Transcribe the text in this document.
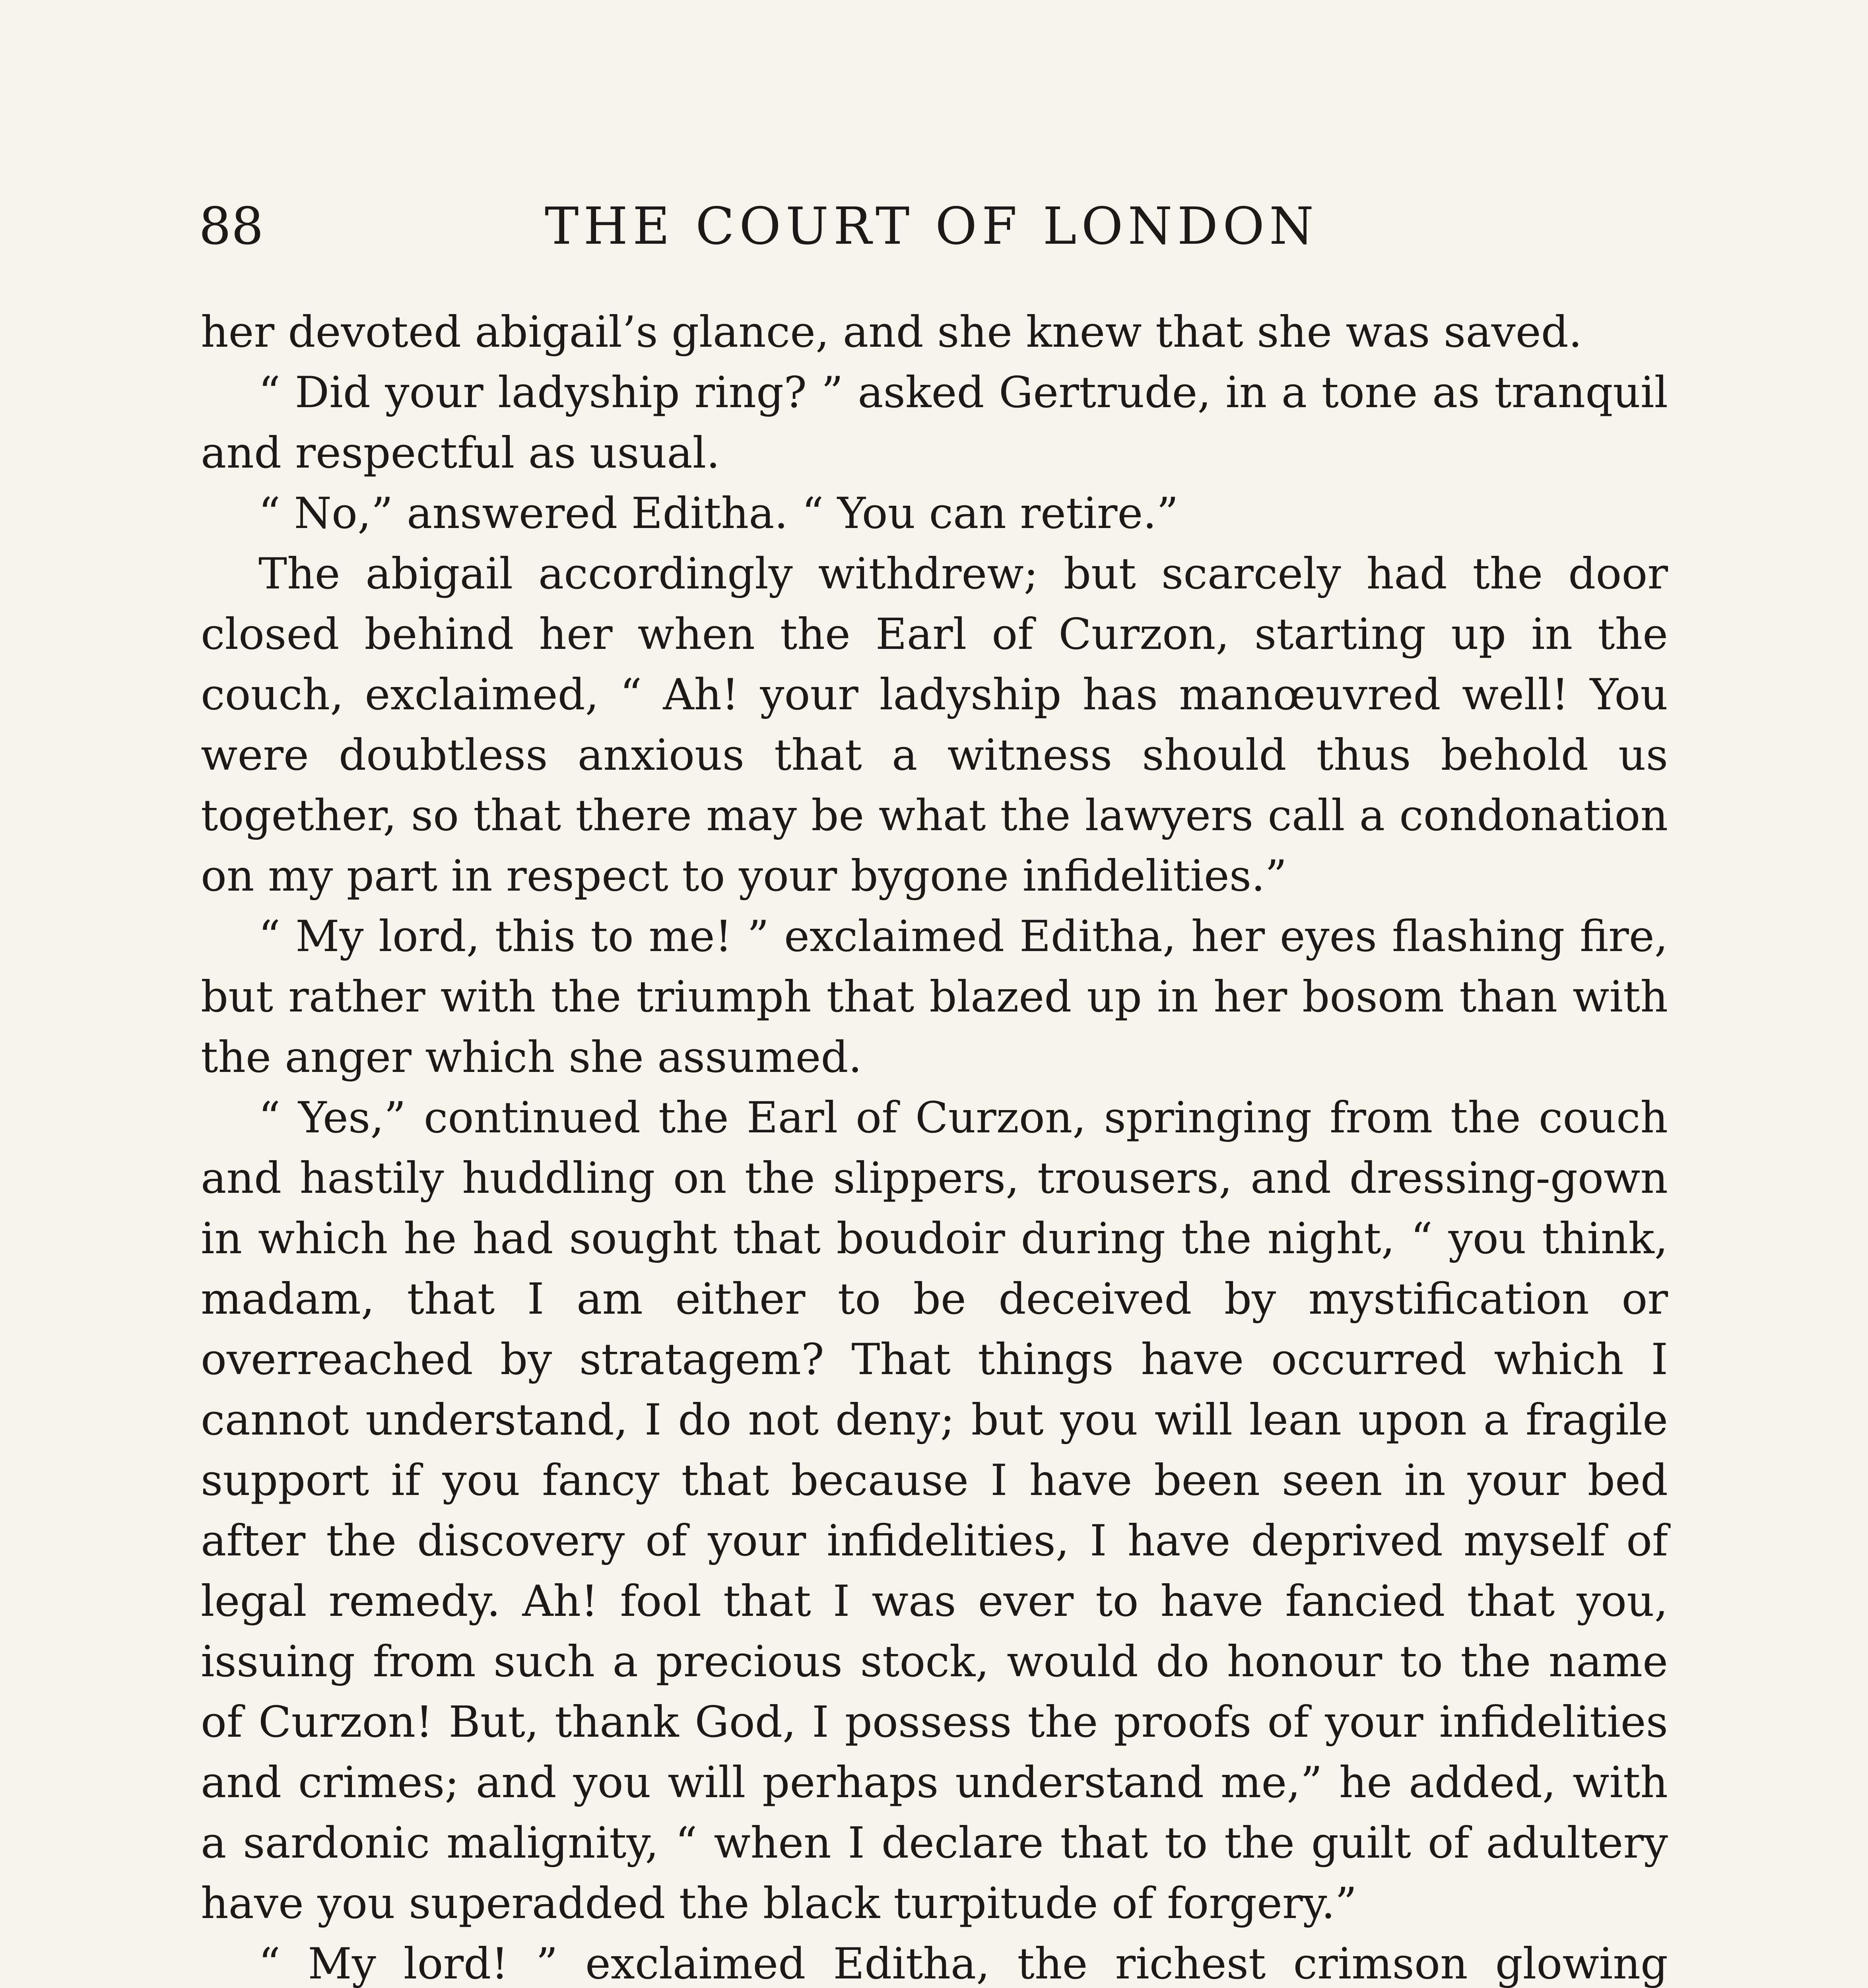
88	THE COURT OF LONDON

her devoted abigail’s glance, and she knew that she was saved.

“ Did your ladyship ring? ” asked Gertrude, in a tone as tranquil and respectful as usual.

“ No,” answered Editha. “ You can retire.”

The abigail accordingly withdrew; but scarcely had the door closed behind her when the Earl of Curzon, starting up in the couch, exclaimed, “ Ah! your ladyship has manœuvred well! You were doubtless anxious that a witness should thus behold us together, so that there may be what the lawyers call a condonation on my part in respect to your bygone infidelities.”

“ My lord, this to me! ” exclaimed Editha, her eyes flashing fire, but rather with the triumph that blazed up in her bosom than with the anger which she assumed.

“ Yes,” continued the Earl of Curzon, springing from the couch and hastily huddling on the slippers, trousers, and dressing-gown in which he had sought that boudoir during the night, “ you think, madam, that I am either to be deceived by mystification or overreached by stratagem? That things have occurred which I cannot understand, I do not deny; but you will lean upon a fragile support if you fancy that because I have been seen in your bed after the discovery of your infidelities, I have deprived myself of legal remedy. Ah! fool that I was ever to have fancied that you, issuing from such a precious stock, would do honour to the name of Curzon! But, thank God, I possess the proofs of your infidelities and crimes; and you will perhaps understand me,” he added, with a sardonic malignity, “ when I declare that to the guilt of adultery have you superadded the black turpitude of forgery.”

“ My lord! ” exclaimed Editha, the richest crimson glowing
